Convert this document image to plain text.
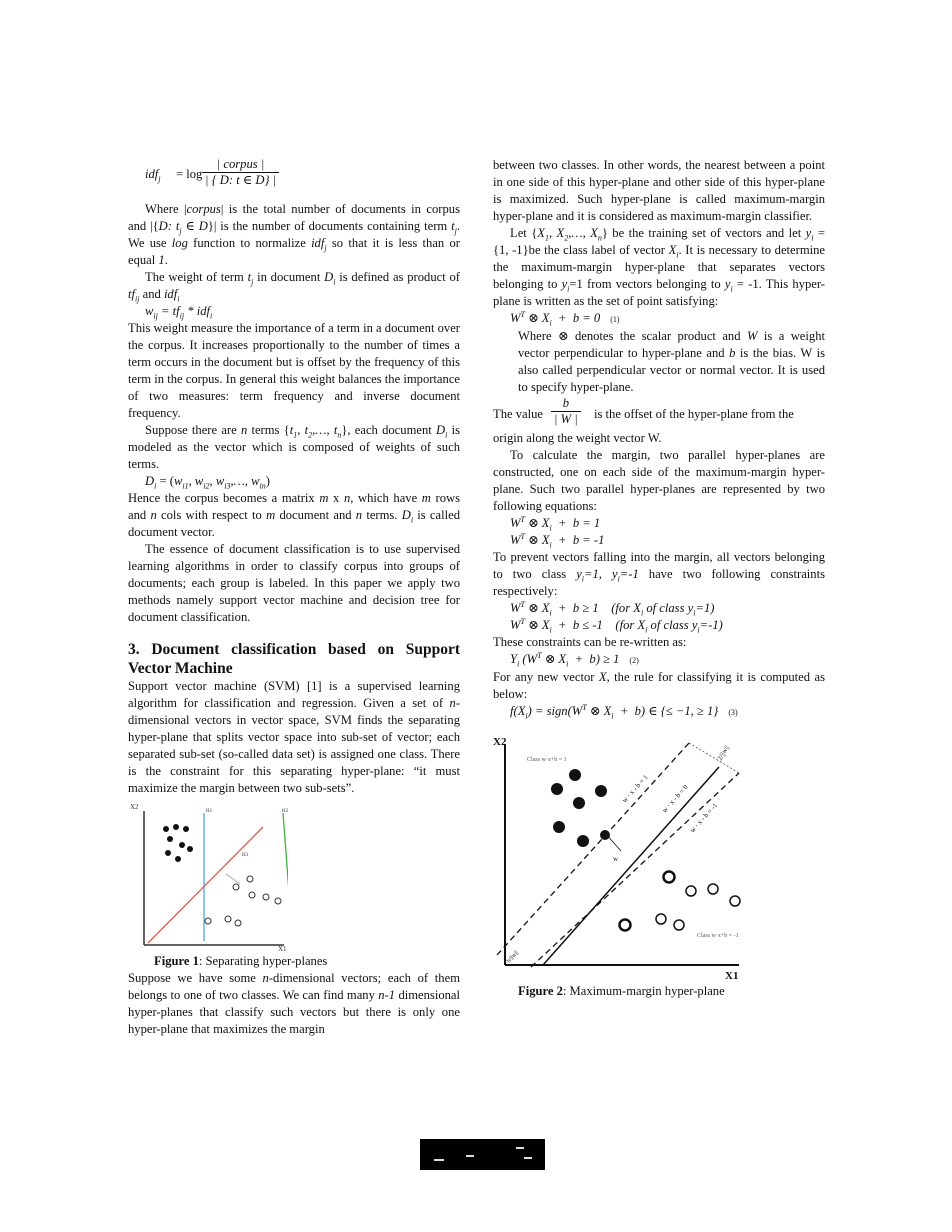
idf$_j$ = log
| corpus |
| { D: t ∈ D} |

Where |corpus| is the total number of documents in corpus and |{D: $t_j$ ∈ D}| is the number of documents containing term $t_j$. We use log function to normalize idf$_j$ so that it is less than or equal 1.

The weight of term $t_j$ in document $D_i$ is defined as product of $tf_{ij}$ and idf$_i$

$w_{ij} = tf_{ij} * idf_i$

This weight measure the importance of a term in a document over the corpus. It increases proportionally to the number of times a term occurs in the document but is offset by the frequency of this term in the corpus. In general this weight balances the importance of two measures: term frequency and inverse document frequency.

Suppose there are n terms {$t_1$, $t_2,\dots$, $t_n$}, each document $D_i$ is modeled as the vector which is composed of weights of such terms.

$D_i = (w_{i1}$, $w_{i2}$, $w_{i3},\dots$, $w_{in}$)

Hence the corpus becomes a matrix m x n, which have m rows and n cols with respect to m document and n terms. $D_i$ is called document vector.

The essence of document classification is to use supervised learning algorithms in order to classify corpus into groups of documents; each group is labeled. In this paper we apply two methods namely support vector machine and decision tree for document classification.

3. Document classification based on Support Vector Machine

Support vector machine (SVM) [1] is a supervised learning algorithm for classification and regression. Given a set of n-dimensional vectors in vector space, SVM finds the separating hyper-plane that splits vector space into sub-set of vector; each separated sub-set (so-called data set) is assigned one class. There is the constraint for this separating hyper-plane: “it must maximize the margin between two sub-sets”.

X2
X1
H1	H2
H3

Figure 1: Separating hyper-planes

Suppose we have some n-dimensional vectors; each of them belongs to one of two classes. We can find many n-1 dimensional hyper-planes that classify such vectors but there is only one hyper-plane that maximizes the margin

between two classes. In other words, the nearest between a point in one side of this hyper-plane and other side of this hyper-plane is maximized. Such hyper-plane is called maximum-margin hyper-plane and it is considered as maximum-margin classifier.

Let {$X_1$, $X_2,\dots$, $X_n$} be the training set of vectors and let $y_i = \{1$, -1}be the class label of vector $X_i$. It is necessary to determine the maximum-margin hyper-plane that separates vectors belonging to $y_i=1$ from vectors belonging to $y_i = -1$. This hyper-plane is written as the set of point satisfying:

$W^T$ ⊗ $X_i + b = 0$ (1)

Where ⊗ denotes the scalar product and W is a weight vector perpendicular to hyper-plane and b is the bias. W is also called perpendicular vector or normal vector. It is used to specify hyper-plane.

The value $\frac{b}{| W |}$ is the offset of the hyper-plane from the

origin along the weight vector W.

To calculate the margin, two parallel hyper-planes are constructed, one on each side of the maximum-margin hyper-plane. Such two parallel hyper-planes are represented by two following equations:

$W^T$ ⊗ $X_i + b = 1$

$W^T$ ⊗ $X_i + b = -1$

To prevent vectors falling into the margin, all vectors belonging to two class $y_i=1$, $y_i=-1$ have two following constraints respectively:

$W^T$ ⊗ $X_i + b \ge 1$    (for $X_i$ of class $y_i=1$)

$W^T$ ⊗ $X_i + b \le -1$    (for $X_i$ of class $y_i=-1$)

These constraints can be re-written as:

$Y_i$ ($W^T$ ⊗ $X_i + b) \ge 1$ (2)

For any new vector X, the rule for classifying it is computed as below:

$f(X_i)$ = $sign(W^T$ ⊗ $X_i + b$) ∈ {≤ −1, ≥ 1} (3)

X2
X1
w · x - b = 1 w · x - b = 0
w · x - b = -1
2/||w||
b/||w||
w
Class w·x+b = 1
Class w·x+b = -1

Figure 2: Maximum-margin hyper-plane
